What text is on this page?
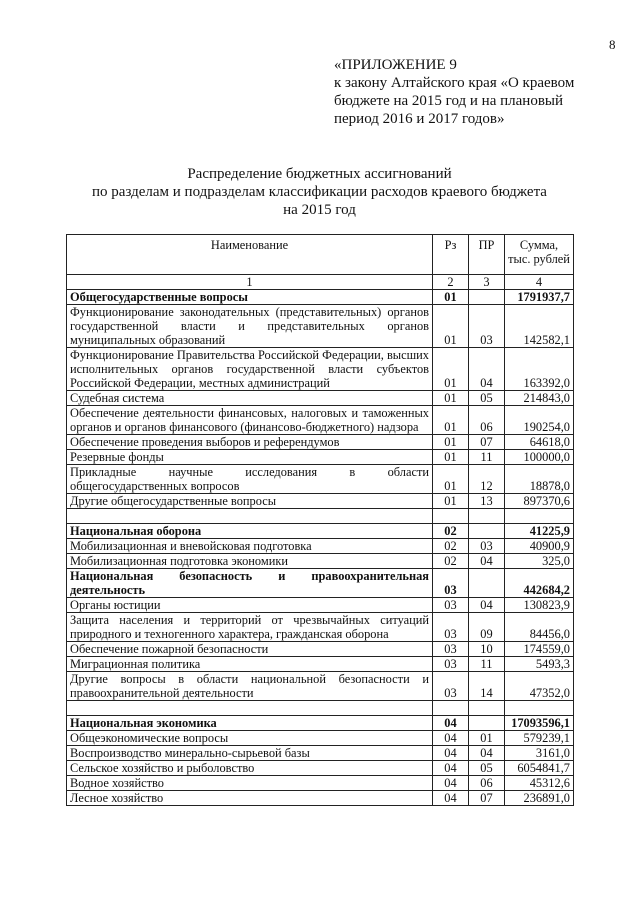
8
«ПРИЛОЖЕНИЕ 9
к закону Алтайского края «О краевом
бюджете на 2015 год и на плановый
период 2016 и 2017 годов»
Распределение бюджетных ассигнований
по разделам и подразделам классификации расходов краевого бюджета
на 2015 год
Наименование	Рз	ПР	Сумма,
тыс. рублей

1	2	3	4
Общегосударственные вопросы	01		1791937,7
Функционирование законодательных (представительных) органов государственной власти и представительных органов муниципальных образований	01	03	142582,1
Функционирование Правительства Российской Федерации, высших исполнительных органов государственной власти субъектов Российской Федерации, местных администраций	01	04	163392,0
Судебная система	01	05	214843,0
Обеспечение деятельности финансовых, налоговых и таможенных органов и органов финансового (финансово-бюджетного) надзора	01	06	190254,0
Обеспечение проведения выборов и референдумов	01	07	64618,0
Резервные фонды	01	11	100000,0
Прикладные научные исследования в области общегосударственных вопросов	01	12	18878,0
Другие общегосударственные вопросы	01	13	897370,6

Национальная оборона	02		41225,9
Мобилизационная и вневойсковая подготовка	02	03	40900,9
Мобилизационная подготовка экономики	02	04	325,0
Национальная безопасность и правоохранительная деятельность	03		442684,2
Органы юстиции	03	04	130823,9
Защита населения и территорий от чрезвычайных ситуаций природного и техногенного характера, гражданская оборона	03	09	84456,0
Обеспечение пожарной безопасности	03	10	174559,0
Миграционная политика	03	11	5493,3
Другие вопросы в области национальной безопасности и правоохранительной деятельности	03	14	47352,0

Национальная экономика	04		17093596,1
Общеэкономические вопросы	04	01	579239,1
Воспроизводство минерально-сырьевой базы	04	04	3161,0
Сельское хозяйство и рыболовство	04	05	6054841,7
Водное хозяйство	04	06	45312,6
Лесное хозяйство	04	07	236891,0
